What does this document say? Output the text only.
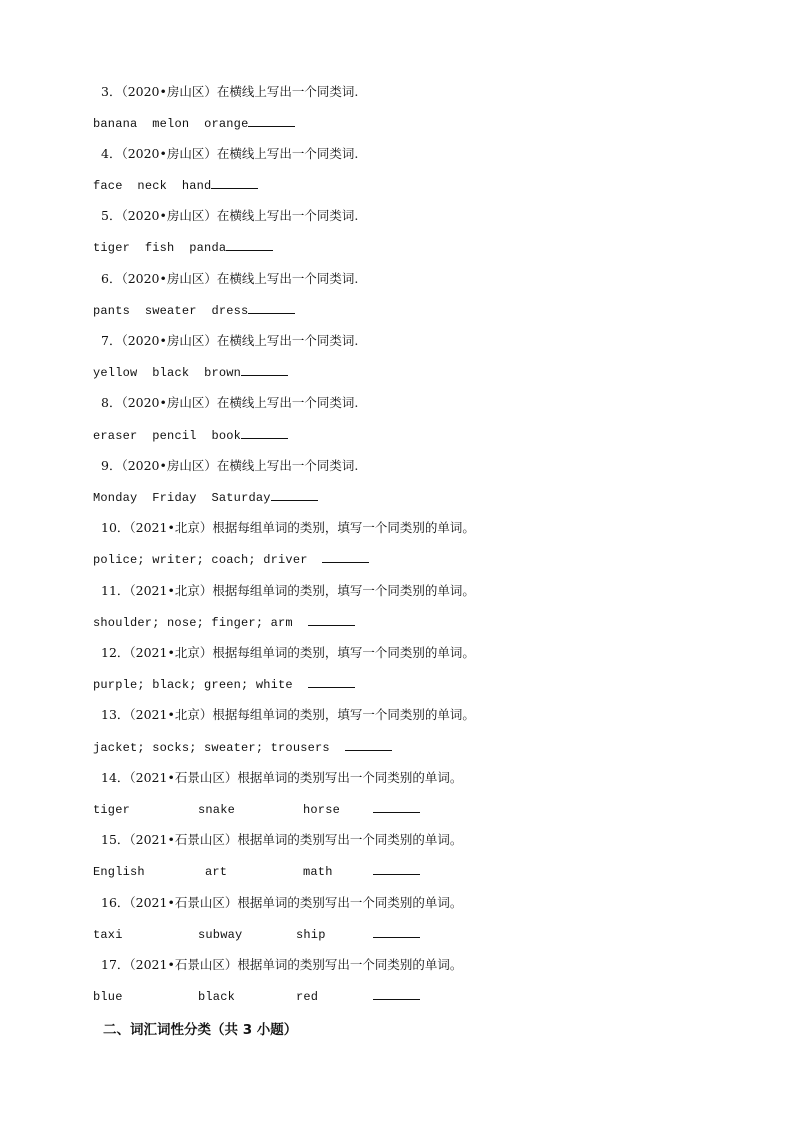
3．（2020•房山区）在横线上写出一个同类词.
banana melon orange
4．（2020•房山区）在横线上写出一个同类词.
face neck hand
5．（2020•房山区）在横线上写出一个同类词.
tiger fish panda
6．（2020•房山区）在横线上写出一个同类词.
pants sweater dress
7．（2020•房山区）在横线上写出一个同类词.
yellow black brown
8．（2020•房山区）在横线上写出一个同类词.
eraser pencil book
9．（2020•房山区）在横线上写出一个同类词.
Monday Friday Saturday
10．（2021•北京）根据每组单词的类别，填写一个同类别的单词。
police; writer; coach; driver
11．（2021•北京）根据每组单词的类别，填写一个同类别的单词。
shoulder; nose; finger; arm
12．（2021•北京）根据每组单词的类别，填写一个同类别的单词。
purple; black; green; white
13．（2021•北京）根据每组单词的类别，填写一个同类别的单词。
jacket; socks; sweater; trousers
14．（2021•石景山区）根据单词的类别写出一个同类别的单词。
tiger	snake	horse
15．（2021•石景山区）根据单词的类别写出一个同类别的单词。
English	art	math
16．（2021•石景山区）根据单词的类别写出一个同类别的单词。
taxi	subway	ship
17．（2021•石景山区）根据单词的类别写出一个同类别的单词。
blue	black	red
二、词汇词性分类（共 3 小题）
